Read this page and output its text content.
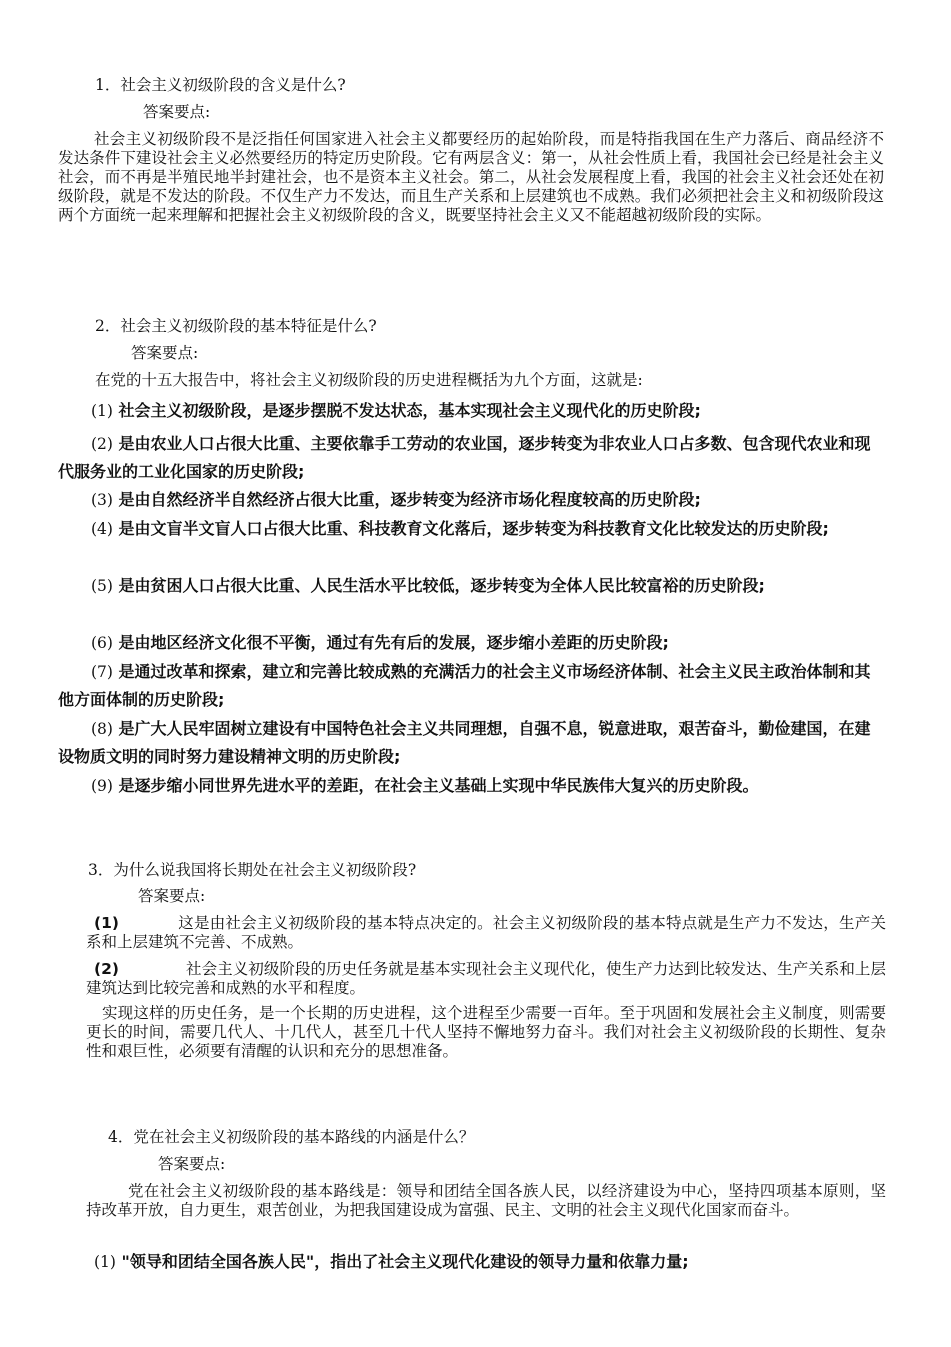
1．社会主义初级阶段的含义是什么?
答案要点:
社会主义初级阶段不是泛指任何国家进入社会主义都要经历的起始阶段，而是特指我国在生产力落后、商品经济不发达条件下建设社会主义必然要经历的特定历史阶段。它有两层含义：第一，从社会性质上看，我国社会已经是社会主义社会，而不再是半殖民地半封建社会，也不是资本主义社会。第二，从社会发展程度上看，我国的社会主义社会还处在初级阶段，就是不发达的阶段。不仅生产力不发达，而且生产关系和上层建筑也不成熟。我们必须把社会主义和初级阶段这两个方面统一起来理解和把握社会主义初级阶段的含义，既要坚持社会主义又不能超越初级阶段的实际。
2．社会主义初级阶段的基本特征是什么?
答案要点:
在党的十五大报告中，将社会主义初级阶段的历史进程概括为九个方面，这就是:
(1) 社会主义初级阶段，是逐步摆脱不发达状态，基本实现社会主义现代化的历史阶段;
(2) 是由农业人口占很大比重、主要依靠手工劳动的农业国，逐步转变为非农业人口占多数、包含现代农业和现代服务业的工业化国家的历史阶段;
(3) 是由自然经济半自然经济占很大比重，逐步转变为经济市场化程度较高的历史阶段;
(4) 是由文盲半文盲人口占很大比重、科技教育文化落后，逐步转变为科技教育文化比较发达的历史阶段;
(5) 是由贫困人口占很大比重、人民生活水平比较低，逐步转变为全体人民比较富裕的历史阶段;
(6) 是由地区经济文化很不平衡，通过有先有后的发展，逐步缩小差距的历史阶段;
(7) 是通过改革和探索，建立和完善比较成熟的充满活力的社会主义市场经济体制、社会主义民主政治体制和其他方面体制的历史阶段;
(8) 是广大人民牢固树立建设有中国特色社会主义共同理想，自强不息，锐意进取，艰苦奋斗，勤俭建国，在建设物质文明的同时努力建设精神文明的历史阶段;
(9) 是逐步缩小同世界先进水平的差距，在社会主义基础上实现中华民族伟大复兴的历史阶段。
3．为什么说我国将长期处在社会主义初级阶段?
答案要点:
(1)	这是由社会主义初级阶段的基本特点决定的。社会主义初级阶段的基本特点就是生产力不发达，生产关系和上层建筑不完善、不成熟。
(2)	社会主义初级阶段的历史任务就是基本实现社会主义现代化，使生产力达到比较发达、生产关系和上层建筑达到比较完善和成熟的水平和程度。
实现这样的历史任务，是一个长期的历史进程，这个进程至少需要一百年。至于巩固和发展社会主义制度，则需要更长的时间，需要几代人、十几代人，甚至几十代人坚持不懈地努力奋斗。我们对社会主义初级阶段的长期性、复杂性和艰巨性，必须要有清醒的认识和充分的思想准备。
4．党在社会主义初级阶段的基本路线的内涵是什么？
答案要点:
党在社会主义初级阶段的基本路线是：领导和团结全国各族人民，以经济建设为中心，坚持四项基本原则，坚持改革开放，自力更生，艰苦创业，为把我国建设成为富强、民主、文明的社会主义现代化国家而奋斗。
(1) "领导和团结全国各族人民"，指出了社会主义现代化建设的领导力量和依靠力量;
